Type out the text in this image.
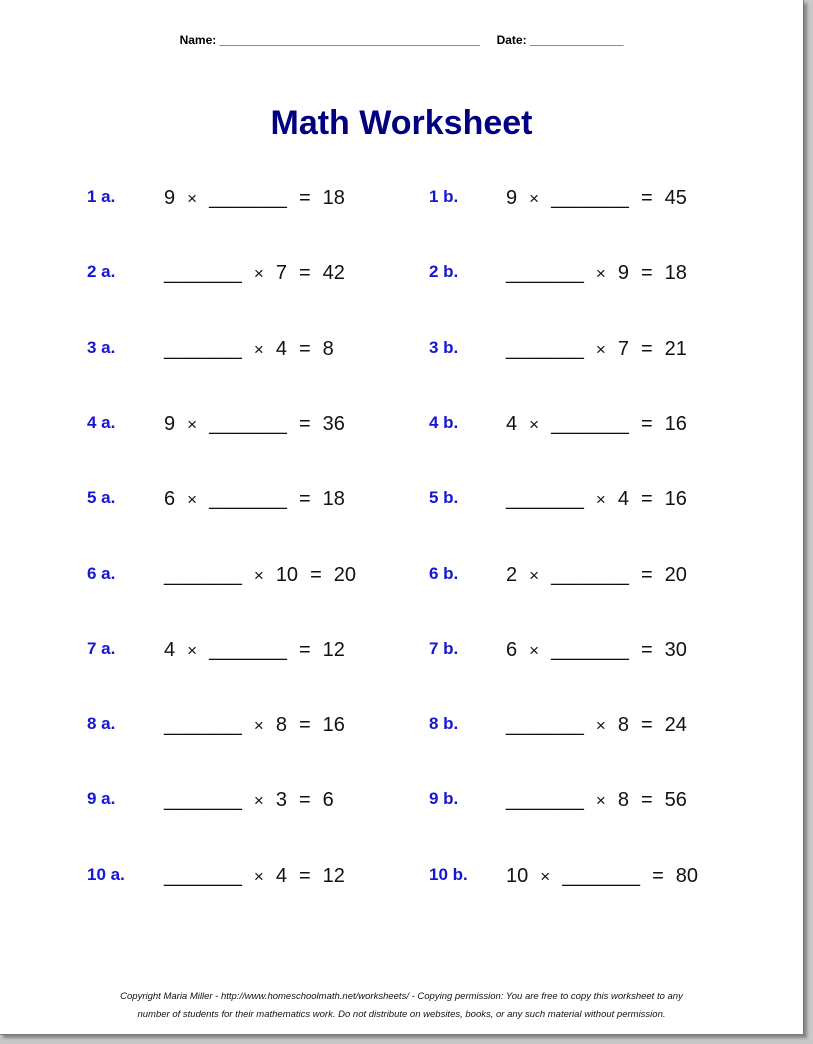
Name: _______________________________________ Date: ______________
Math Worksheet
1 a. 9 × _______ = 18
2 a. _______ × 7 = 42
3 a. _______ × 4 = 8
4 a. 9 × _______ = 36
5 a. 6 × _______ = 18
6 a. _______ × 10 = 20
7 a. 4 × _______ = 12
8 a. _______ × 8 = 16
9 a. _______ × 3 = 6
10 a. _______ × 4 = 12
1 b. 9 × _______ = 45
2 b. _______ × 9 = 18
3 b. _______ × 7 = 21
4 b. 4 × _______ = 16
5 b. _______ × 4 = 16
6 b. 2 × _______ = 20
7 b. 6 × _______ = 30
8 b. _______ × 8 = 24
9 b. _______ × 8 = 56
10 b. 10 × _______ = 80
Copyright Maria Miller - http://www.homeschoolmath.net/worksheets/ - Copying permission: You are free to copy this worksheet to any
number of students for their mathematics work. Do not distribute on websites, books, or any such material without permission.
